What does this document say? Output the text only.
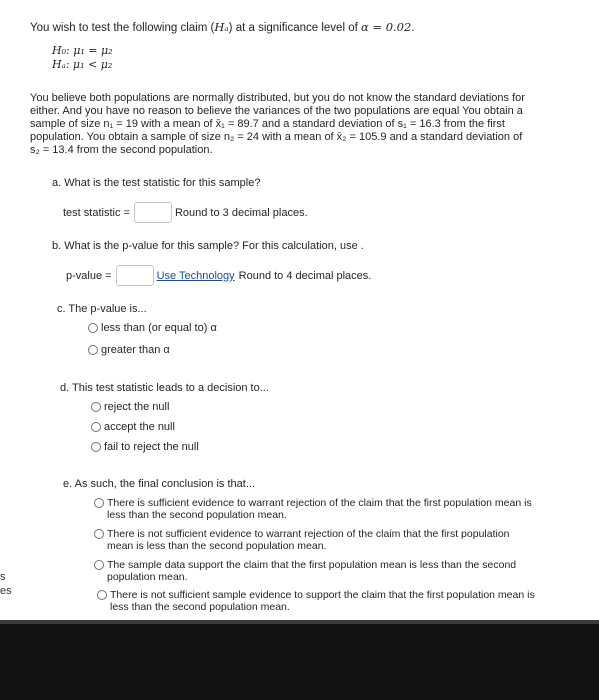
You wish to test the following claim (Hₐ) at a significance level of α = 0.02.
H₀: μ₁ = μ₂
Hₐ: μ₁ < μ₂
You believe both populations are normally distributed, but you do not know the standard deviations for
either. And you have no reason to believe the variances of the two populations are equal You obtain a
sample of size n₁ = 19 with a mean of x̄₁ = 89.7 and a standard deviation of s₁ = 16.3 from the first
population. You obtain a sample of size n₂ = 24 with a mean of x̄₂ = 105.9 and a standard deviation of
s₂ = 13.4 from the second population.
a. What is the test statistic for this sample?
test statistic =	Round to 3 decimal places.
b. What is the p-value for this sample? For this calculation, use .
p-value =	Use Technology Round to 4 decimal places.
c. The p-value is...
less than (or equal to) α
greater than α
d. This test statistic leads to a decision to...
reject the null
accept the null
fail to reject the null
e. As such, the final conclusion is that...
There is sufficient evidence to warrant rejection of the claim that the first population mean is
less than the second population mean.
There is not sufficient evidence to warrant rejection of the claim that the first population
mean is less than the second population mean.
The sample data support the claim that the first population mean is less than the second
population mean.
There is not sufficient sample evidence to support the claim that the first population mean is
less than the second population mean.
s
es
